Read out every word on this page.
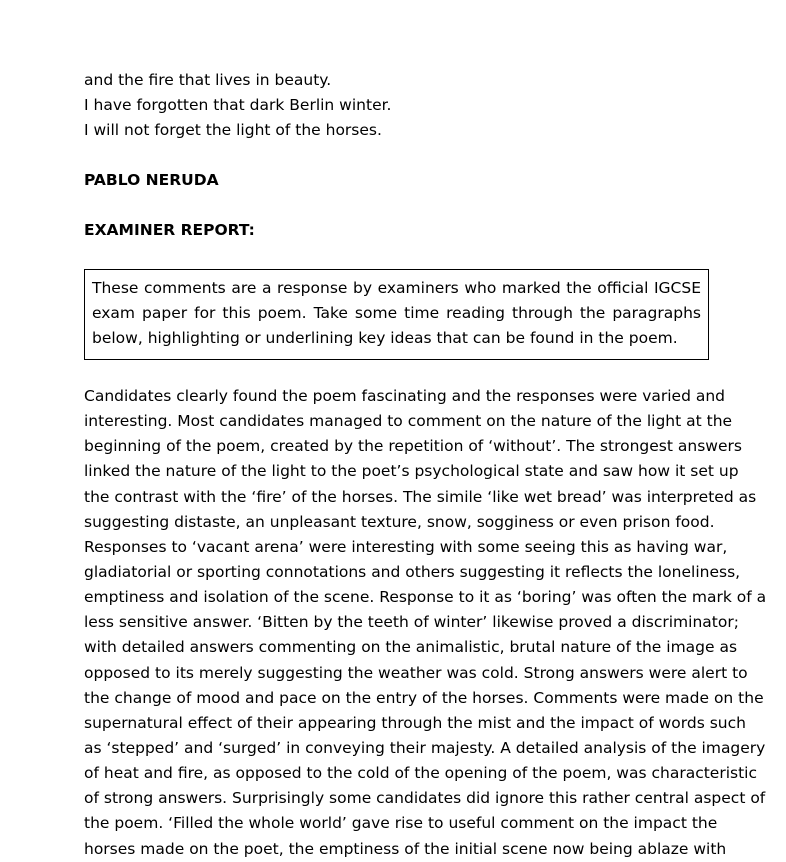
and the fire that lives in beauty.
I have forgotten that dark Berlin winter.
I will not forget the light of the horses.
PABLO NERUDA
EXAMINER REPORT:

These comments are a response by examiners who marked the official IGCSE exam paper for this poem. Take some time reading through the paragraphs below, highlighting or underlining key ideas that can be found in the poem.

Candidates clearly found the poem fascinating and the responses were varied and
interesting. Most candidates managed to comment on the nature of the light at the
beginning of the poem, created by the repetition of ‘without’. The strongest answers
linked the nature of the light to the poet’s psychological state and saw how it set up
the contrast with the ‘fire’ of the horses. The simile ‘like wet bread’ was interpreted as
suggesting distaste, an unpleasant texture, snow, sogginess or even prison food.
Responses to ‘vacant arena’ were interesting with some seeing this as having war,
gladiatorial or sporting connotations and others suggesting it reflects the loneliness,
emptiness and isolation of the scene. Response to it as ‘boring’ was often the mark of a
less sensitive answer. ‘Bitten by the teeth of winter’ likewise proved a discriminator;
with detailed answers commenting on the animalistic, brutal nature of the image as
opposed to its merely suggesting the weather was cold. Strong answers were alert to
the change of mood and pace on the entry of the horses. Comments were made on the
supernatural effect of their appearing through the mist and the impact of words such
as ‘stepped’ and ‘surged’ in conveying their majesty. A detailed analysis of the imagery
of heat and fire, as opposed to the cold of the opening of the poem, was characteristic
of strong answers. Surprisingly some candidates did ignore this rather central aspect of
the poem. ‘Filled the whole world’ gave rise to useful comment on the impact the
horses made on the poet, the emptiness of the initial scene now being ablaze with
